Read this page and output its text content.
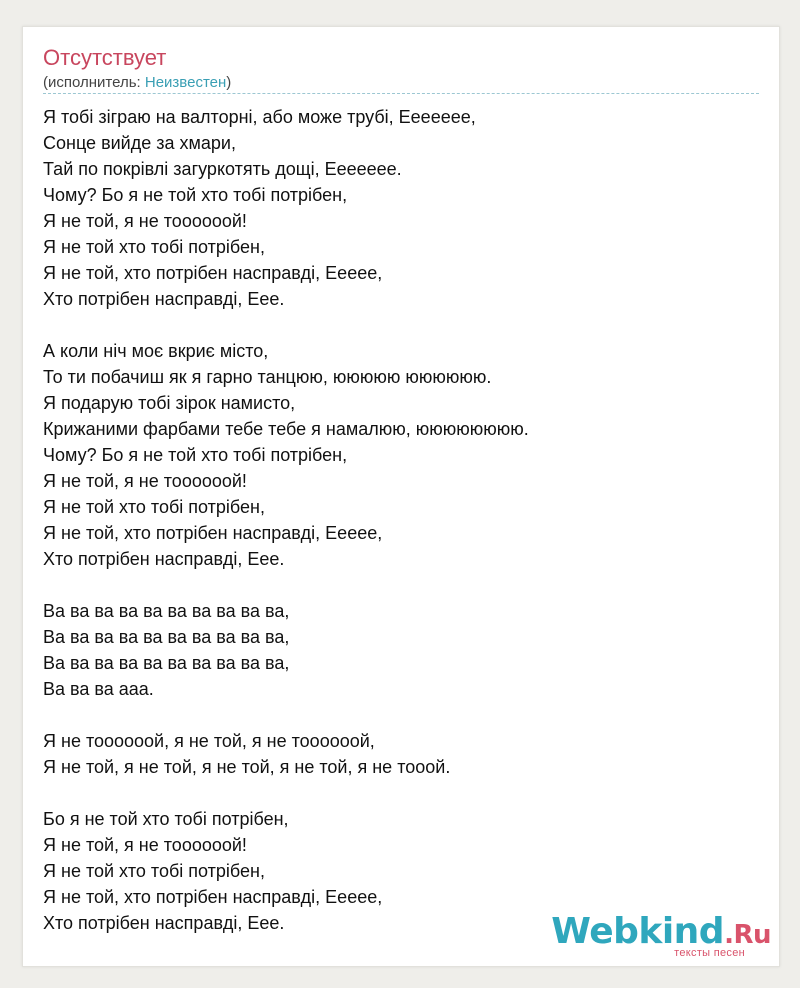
Отсутствует
(исполнитель: Неизвестен)
Я тобі зіграю на валторні, або може трубі, Еееееее,
Сонце вийде за хмари,
Тай по покрівлі загуркотять дощі, Еееееее.
Чому? Бо я не той хто тобі потрібен,
Я не той, я не тоооооой!
Я не той хто тобі потрібен,
Я не той, хто потрібен насправді, Еееее,
Хто потрібен насправді, Еее.
А коли ніч моє вкриє місто,
То ти побачиш як я гарно танцюю, ююююю юююююю.
Я подарую тобі зірок намисто,
Крижаними фарбами тебе тебе я намалюю, юююююююю.
Чому? Бо я не той хто тобі потрібен,
Я не той, я не тоооооой!
Я не той хто тобі потрібен,
Я не той, хто потрібен насправді, Еееее,
Хто потрібен насправді, Еее.
Ва ва ва ва ва ва ва ва ва ва,
Ва ва ва ва ва ва ва ва ва ва,
Ва ва ва ва ва ва ва ва ва ва,
Ва ва ва ааа.
Я не тоооооой, я не той, я не тоооооой,
Я не той, я не той, я не той, я не той, я не тооой.
Бо я не той хто тобі потрібен,
Я не той, я не тоооооой!
Я не той хто тобі потрібен,
Я не той, хто потрібен насправді, Еееее,
Хто потрібен насправді, Еее.	Webkind.Ru
тексты песен
